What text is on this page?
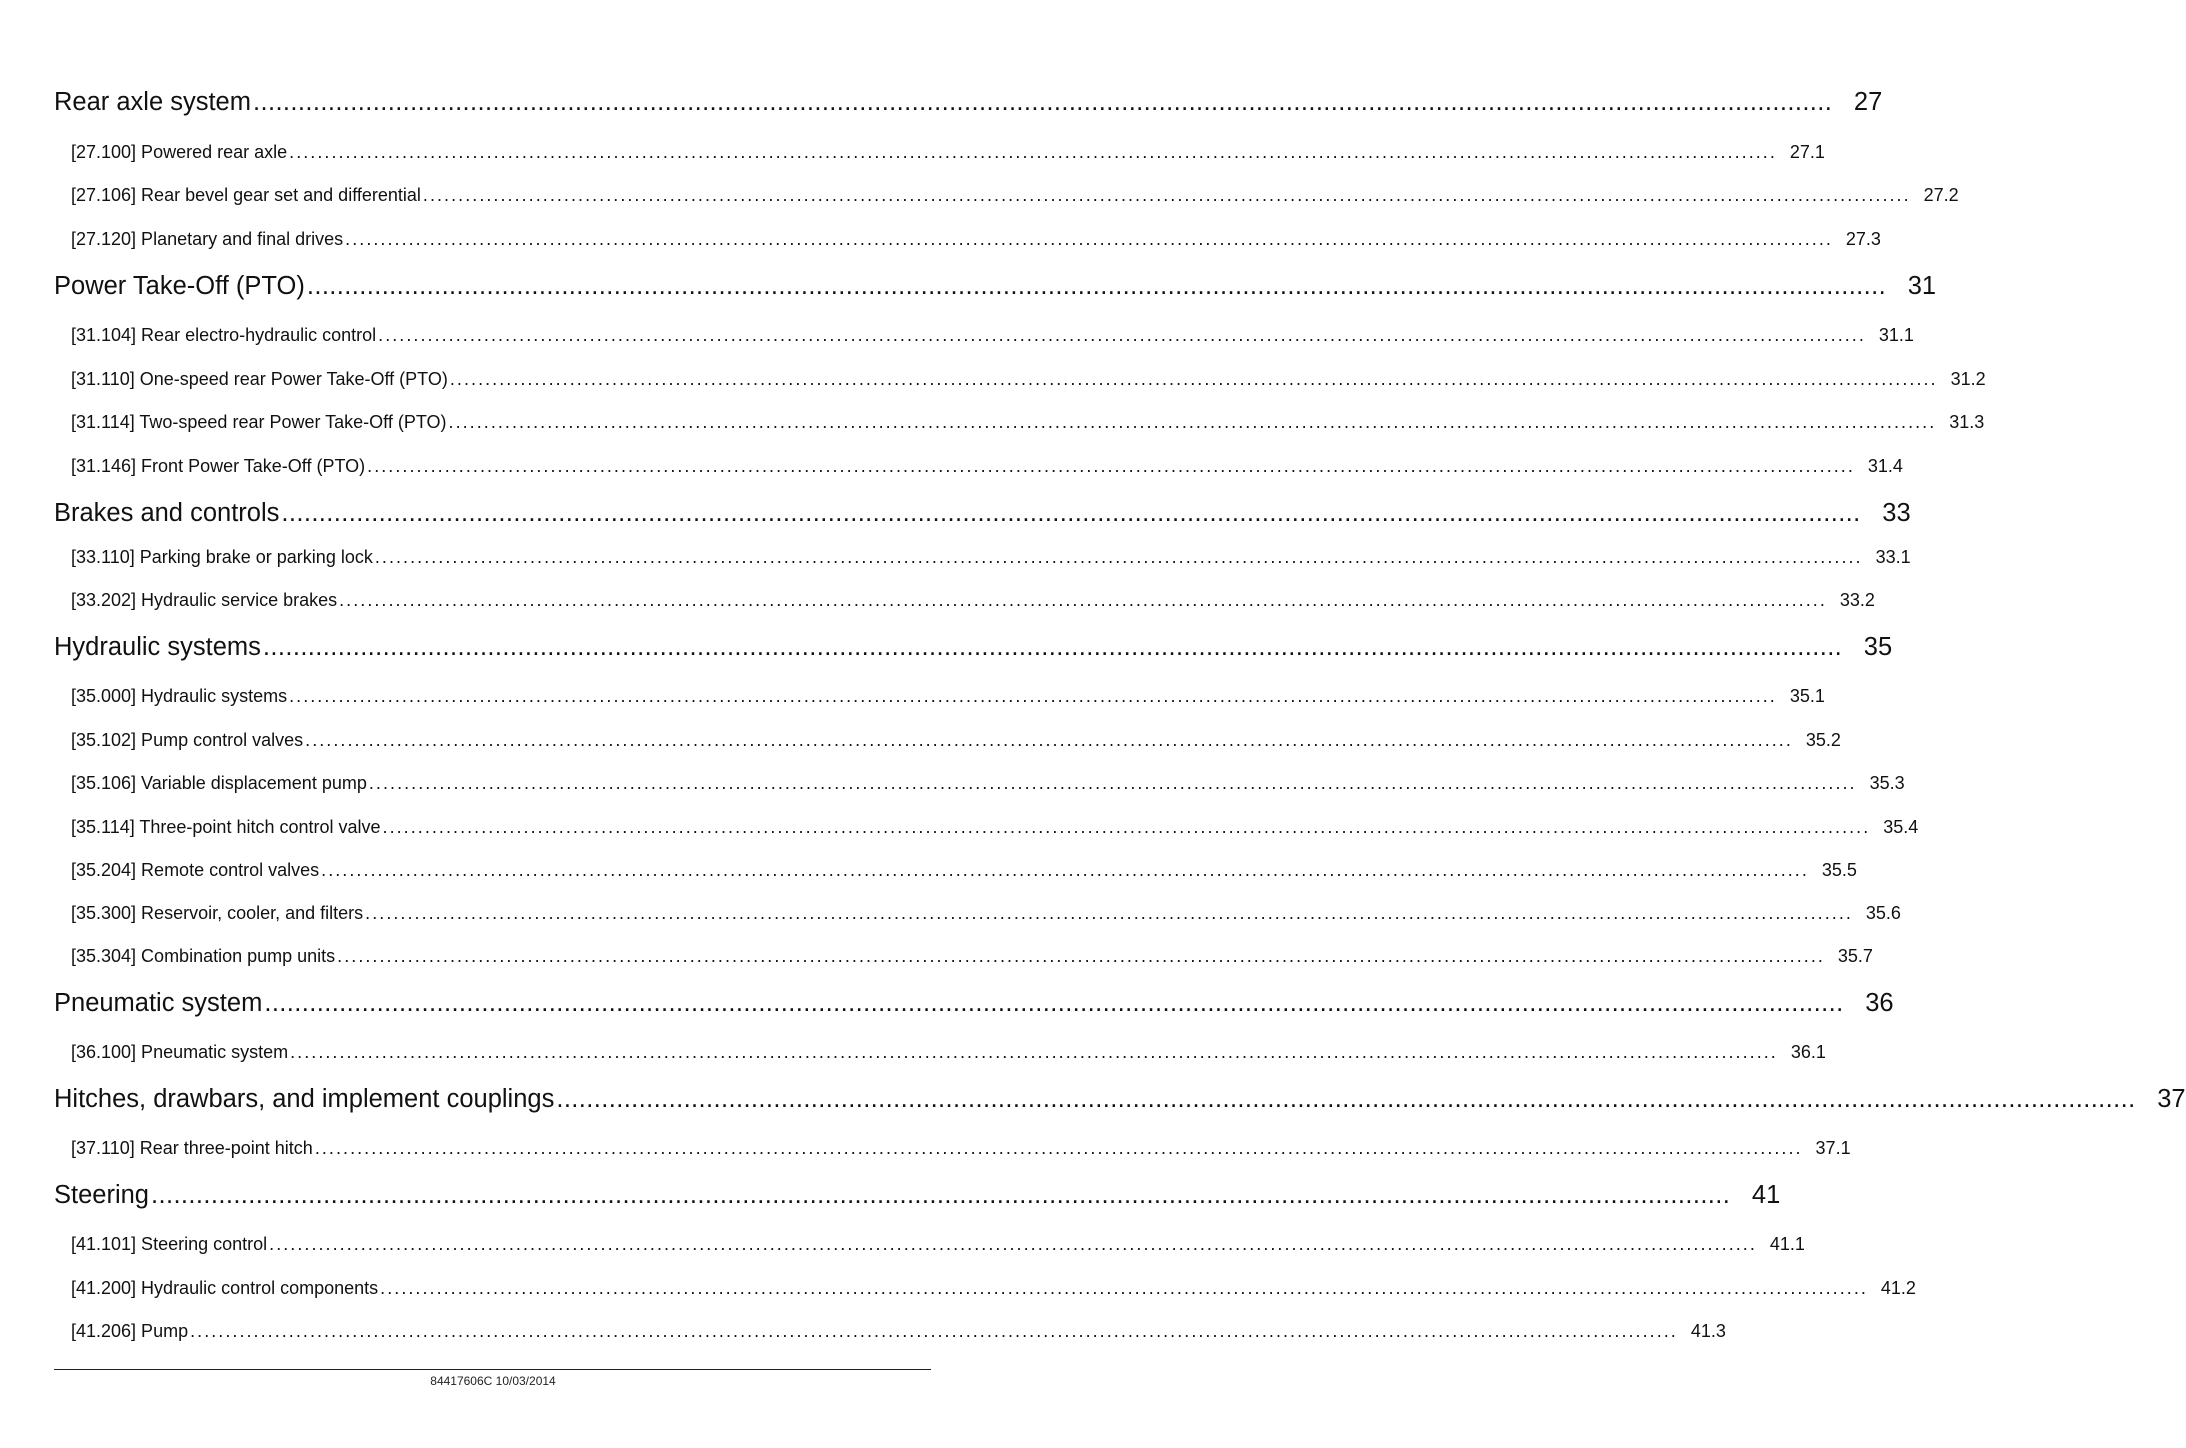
Rear axle system ................................................................................................................................................................................................................... 27
[27.100] Powered rear axle ................................................................................................................................................................................................................... 27.1
[27.106] Rear bevel gear set and differential ................................................................................................................................................................................................................... 27.2
[27.120] Planetary and final drives ................................................................................................................................................................................................................... 27.3
Power Take-Off (PTO) ................................................................................................................................................................................................................... 31
[31.104] Rear electro-hydraulic control ................................................................................................................................................................................................................... 31.1
[31.110] One-speed rear Power Take-Off (PTO) ................................................................................................................................................................................................................... 31.2
[31.114] Two-speed rear Power Take-Off (PTO) ................................................................................................................................................................................................................... 31.3
[31.146] Front Power Take-Off (PTO) ................................................................................................................................................................................................................... 31.4
Brakes and controls ................................................................................................................................................................................................................... 33
[33.110] Parking brake or parking lock ................................................................................................................................................................................................................... 33.1
[33.202] Hydraulic service brakes ................................................................................................................................................................................................................... 33.2
Hydraulic systems ................................................................................................................................................................................................................... 35
[35.000] Hydraulic systems ................................................................................................................................................................................................................... 35.1
[35.102] Pump control valves ................................................................................................................................................................................................................... 35.2
[35.106] Variable displacement pump ................................................................................................................................................................................................................... 35.3
[35.114] Three-point hitch control valve ................................................................................................................................................................................................................... 35.4
[35.204] Remote control valves ................................................................................................................................................................................................................... 35.5
[35.300] Reservoir, cooler, and filters ................................................................................................................................................................................................................... 35.6
[35.304] Combination pump units ................................................................................................................................................................................................................... 35.7
Pneumatic system ................................................................................................................................................................................................................... 36
[36.100] Pneumatic system ................................................................................................................................................................................................................... 36.1
Hitches, drawbars, and implement couplings ................................................................................................................................................................................................................... 37
[37.110] Rear three-point hitch ................................................................................................................................................................................................................... 37.1
Steering ................................................................................................................................................................................................................... 41
[41.101] Steering control ................................................................................................................................................................................................................... 41.1
[41.200] Hydraulic control components ................................................................................................................................................................................................................... 41.2
[41.206] Pump ................................................................................................................................................................................................................... 41.3
84417606C 10/03/2014
